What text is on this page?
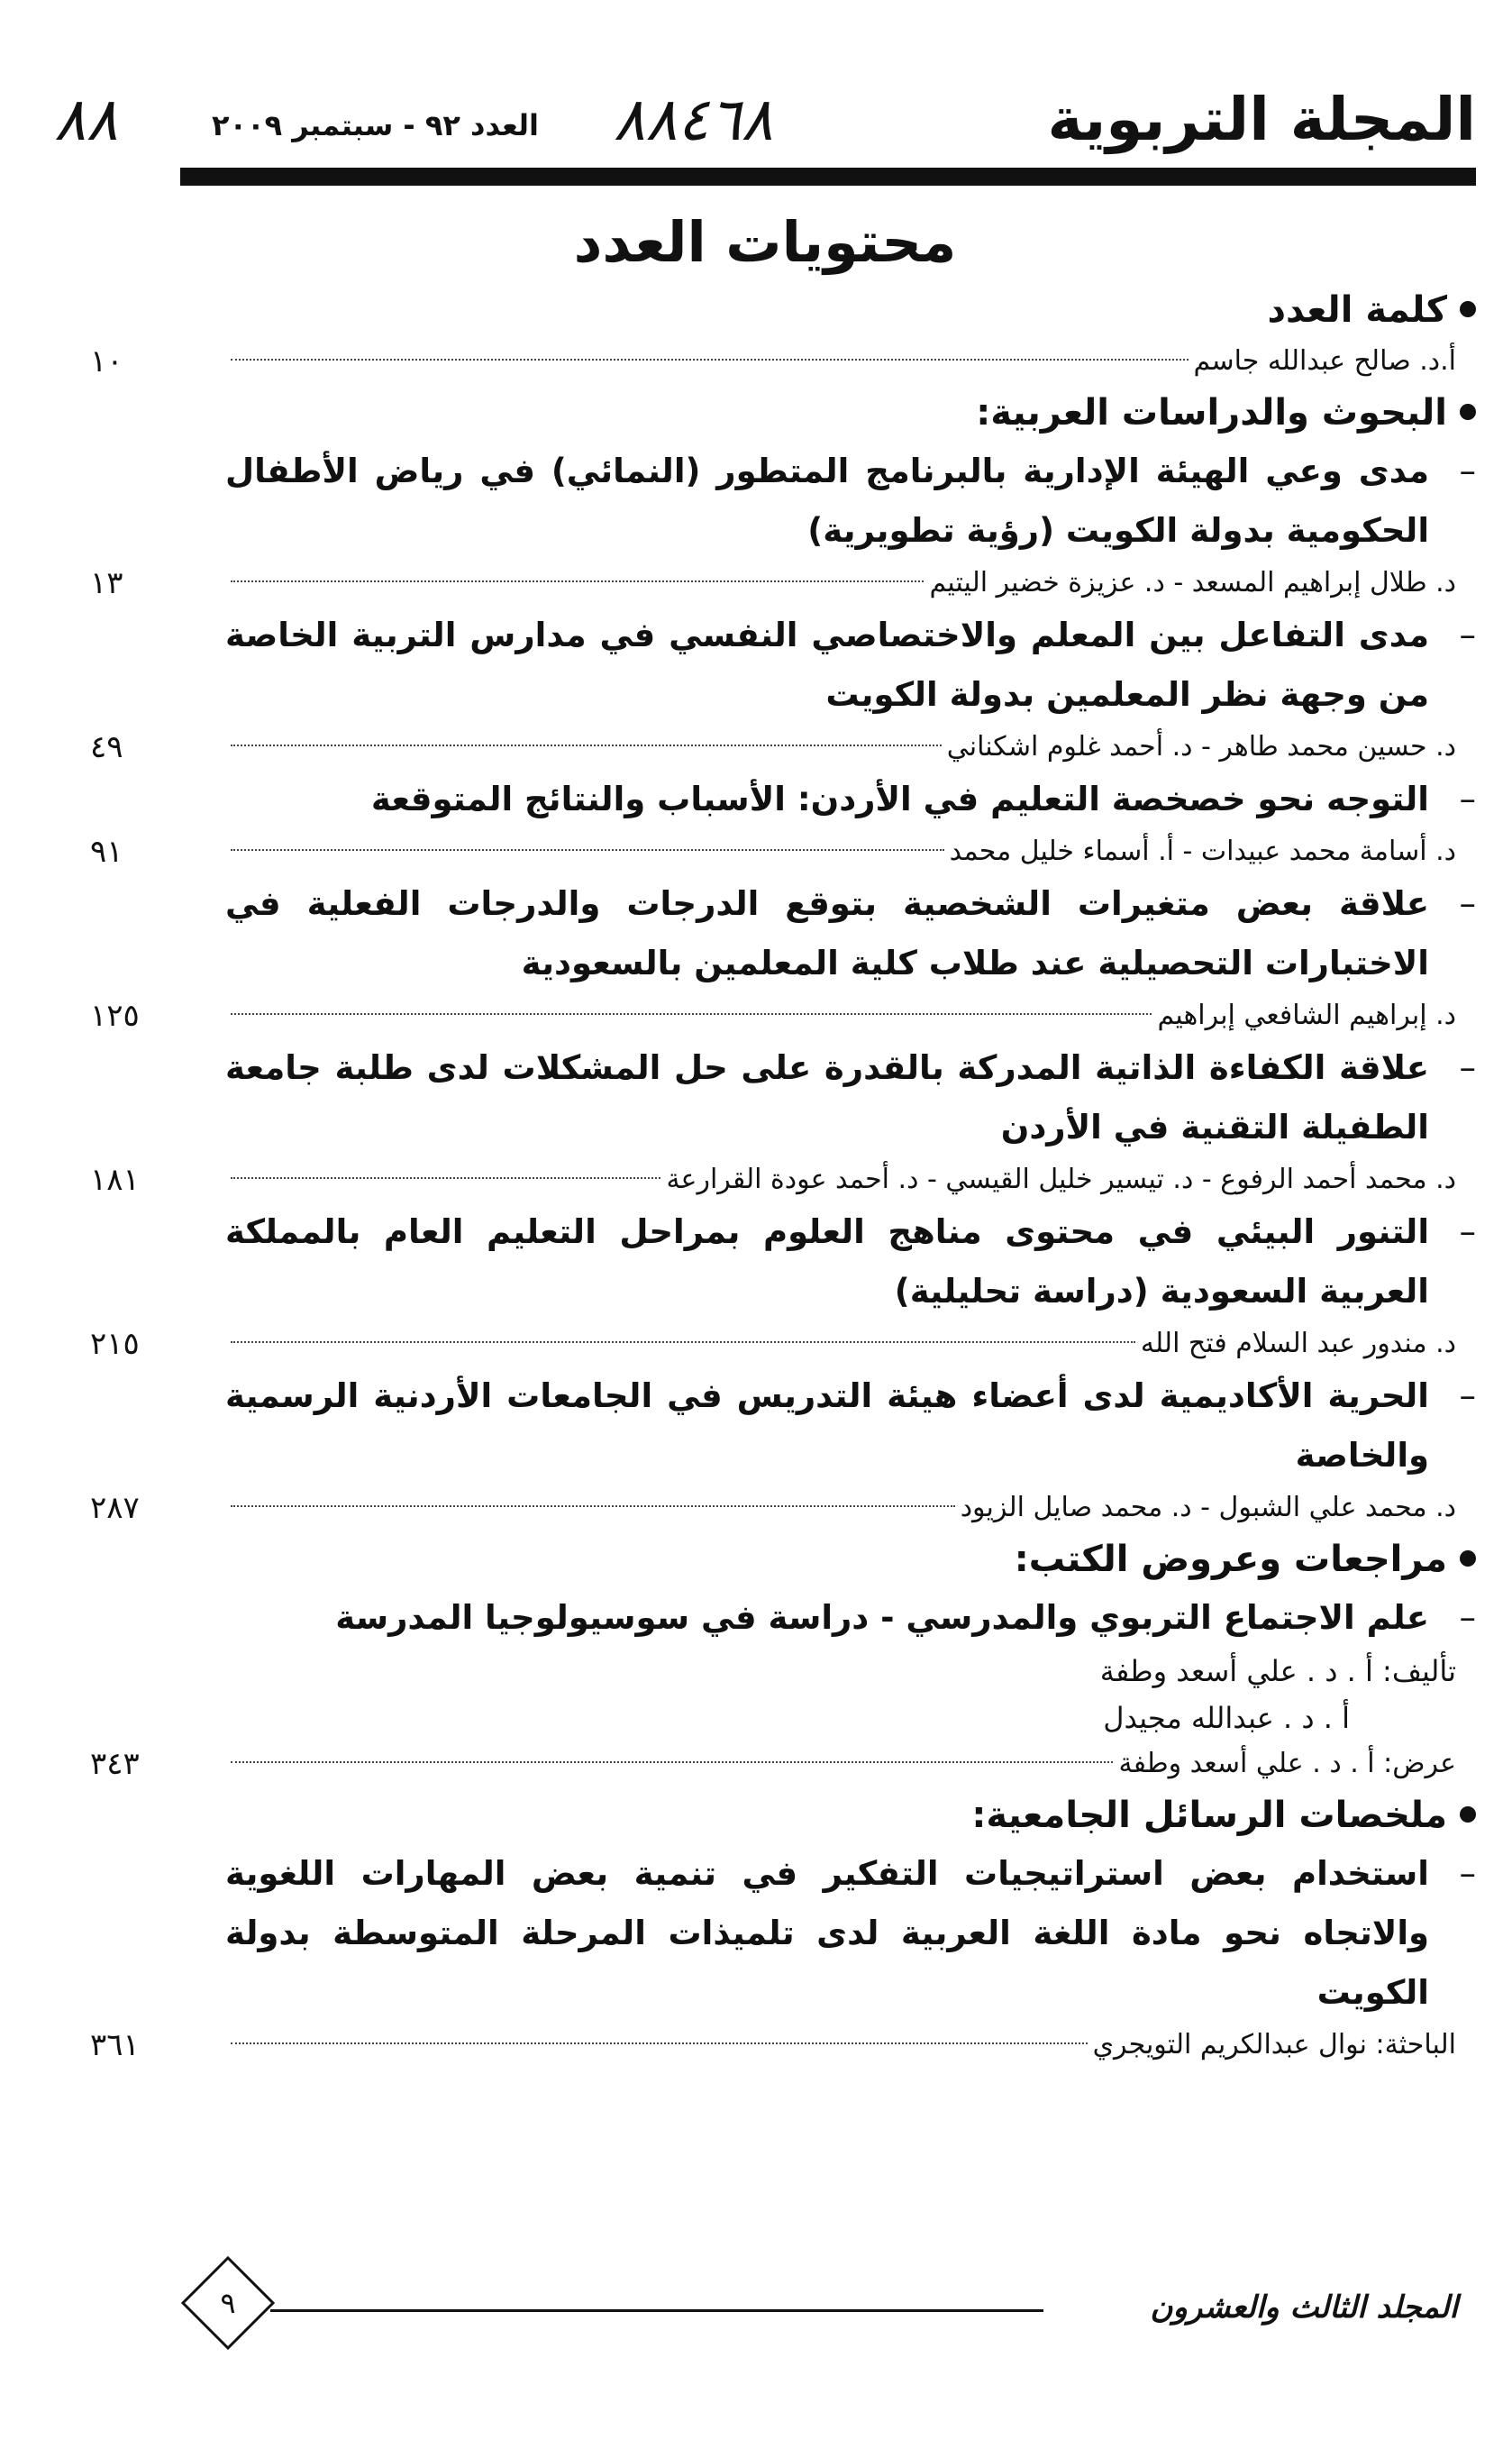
المجلة التربوية
العدد ٩٢ - سبتمبر ٢٠٠٩ ٨٨٤٦٨
٨٨
محتويات العدد
كلمة العدد
أ.د. صالح عبدالله جاسم
١٠
البحوث والدراسات العربية:
–
مدى وعي الهيئة الإدارية بالبرنامج المتطور (النمائي) في رياض الأطفال الحكومية بدولة الكويت (رؤية تطويرية)
د. طلال إبراهيم المسعد - د. عزيزة خضير اليتيم
١٣
–
مدى التفاعل بين المعلم والاختصاصي النفسي في مدارس التربية الخاصة من وجهة نظر المعلمين بدولة الكويت
د. حسين محمد طاهر - د. أحمد غلوم اشكناني
٤٩
–
التوجه نحو خصخصة التعليم في الأردن: الأسباب والنتائج المتوقعة
د. أسامة محمد عبيدات - أ. أسماء خليل محمد
٩١
–
علاقة بعض متغيرات الشخصية بتوقع الدرجات والدرجات الفعلية في الاختبارات التحصيلية عند طلاب كلية المعلمين بالسعودية
د. إبراهيم الشافعي إبراهيم
١٢٥
–
علاقة الكفاءة الذاتية المدركة بالقدرة على حل المشكلات لدى طلبة جامعة الطفيلة التقنية في الأردن
د. محمد أحمد الرفوع - د. تيسير خليل القيسي - د. أحمد عودة القرارعة
١٨١
–
التنور البيئي في محتوى مناهج العلوم بمراحل التعليم العام بالمملكة العربية السعودية (دراسة تحليلية)
د. مندور عبد السلام فتح الله
٢١٥
–
الحرية الأكاديمية لدى أعضاء هيئة التدريس في الجامعات الأردنية الرسمية والخاصة
د. محمد علي الشبول - د. محمد صايل الزيود
٢٨٧
مراجعات وعروض الكتب:
–
علم الاجتماع التربوي والمدرسي - دراسة في سوسيولوجيا المدرسة
تأليف: أ . د . علي أسعد وطفة
أ . د . عبدالله مجيدل
عرض: أ . د . علي أسعد وطفة
٣٤٣
ملخصات الرسائل الجامعية:
–
استخدام بعض استراتيجيات التفكير في تنمية بعض المهارات اللغوية والاتجاه نحو مادة اللغة العربية لدى تلميذات المرحلة المتوسطة بدولة الكويت
الباحثة: نوال عبدالكريم التويجري
٣٦١
المجلد الثالث والعشرون
٩
